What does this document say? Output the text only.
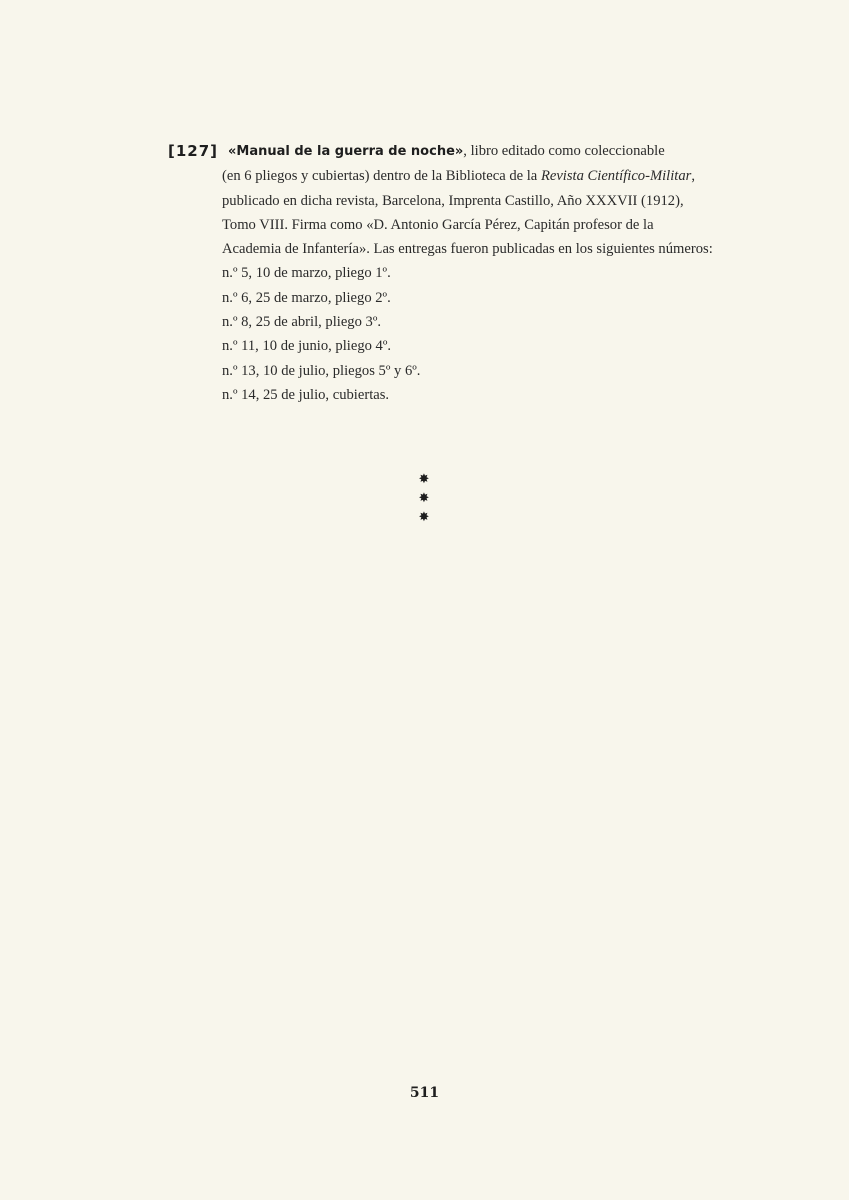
[127] «Manual de la guerra de noche», libro editado como coleccionable
(en 6 pliegos y cubiertas) dentro de la Biblioteca de la Revista Científico-Militar,
publicado en dicha revista, Barcelona, Imprenta Castillo, Año XXXVII (1912),
Tomo VIII. Firma como «D. Antonio García Pérez, Capitán profesor de la
Academia de Infantería». Las entregas fueron publicadas en los siguientes números:
n.º 5, 10 de marzo, pliego 1º.
n.º 6, 25 de marzo, pliego 2º.
n.º 8, 25 de abril, pliego 3º.
n.º 11, 10 de junio, pliego 4º.
n.º 13, 10 de julio, pliegos 5º y 6º.
n.º 14, 25 de julio, cubiertas.
✸
✸
✸
511
